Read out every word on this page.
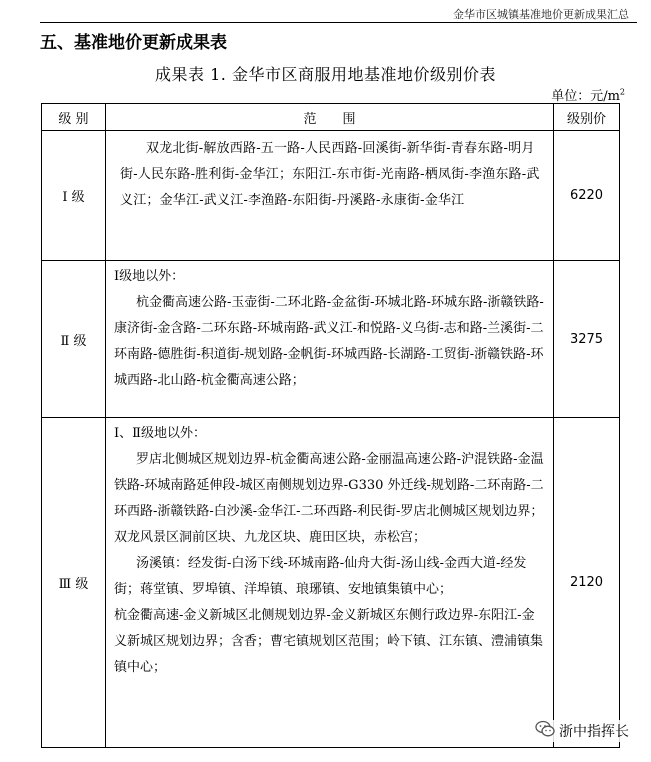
金华市区城镇基准地价更新成果汇总
五、基准地价更新成果表
成果表 1. 金华市区商服用地基准地价级别价表
单位：元$/m^2$
级 别	范　　围	级别价
Ⅰ 级	双龙北街-解放西路-五一路-人民西路-回溪街-新华街-青春东路-明月街-人民东路-胜利街-金华江；东阳江-东市街-光南路-栖凤街-李渔东路-武义江；金华江-武义江-李渔路-东阳街-丹溪路-永康街-金华江	6220
Ⅱ 级	Ⅰ级地以外：
杭金衢高速公路-玉壶街-二环北路-金盆街-环城北路-环城东路-浙赣铁路-康济街-金含路-二环东路-环城南路-武义江-和悦路-义乌街-志和路-兰溪街-二环南路-德胜街-积道街-规划路-金帆街-环城西路-长湖路-工贸街-浙赣铁路-环城西路-北山路-杭金衢高速公路；	3275
Ⅲ 级	Ⅰ、Ⅱ级地以外：
罗店北侧城区规划边界-杭金衢高速公路-金丽温高速公路-沪混铁路-金温铁路-环城南路延伸段-城区南侧规划边界-G330 外迁线-规划路-二环南路-二环西路-浙赣铁路-白沙溪-金华江-二环西路-利民街-罗店北侧城区规划边界；双龙风景区洞前区块、九龙区块、鹿田区块，赤松宫；
汤溪镇：经发街-白汤下线-环城南路-仙舟大街-汤山线-金西大道-经发街；蒋堂镇、罗埠镇、洋埠镇、琅琊镇、安地镇集镇中心；
杭金衢高速-金义新城区北侧规划边界-金义新城区东侧行政边界-东阳江-金义新城区规划边界；含香；曹宅镇规划区范围；岭下镇、江东镇、澧浦镇集镇中心；	2120
浙中指挥长
